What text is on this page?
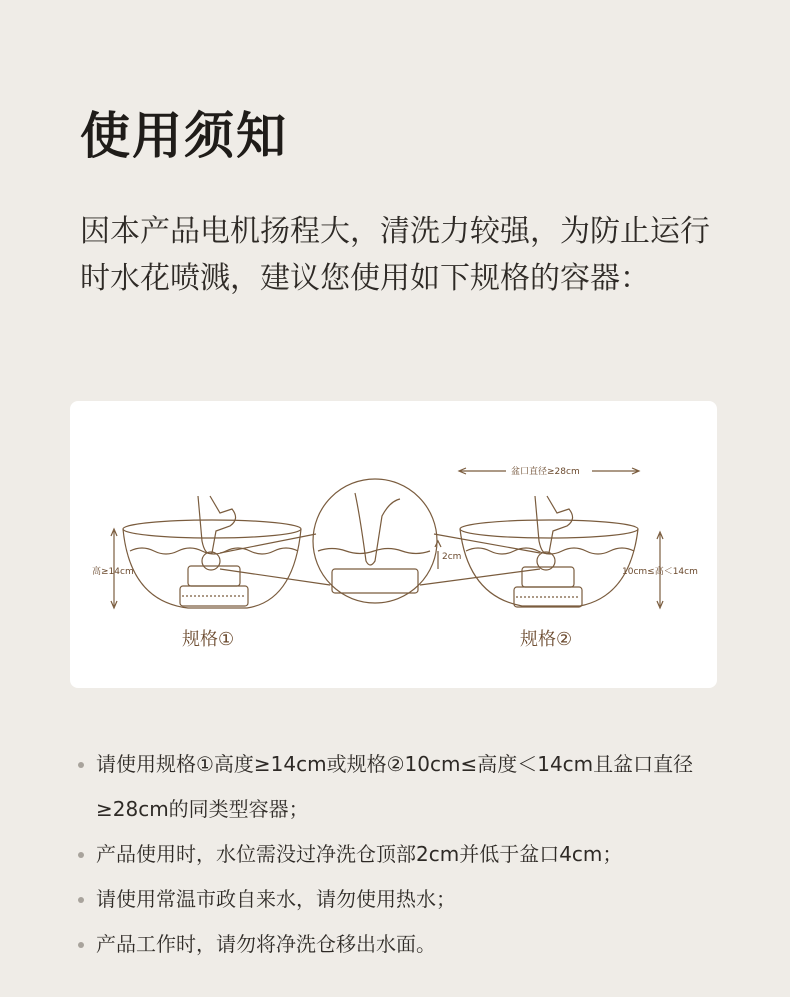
使用须知
因本产品电机扬程大，清洗力较强，为防止运行时水花喷溅，建议您使用如下规格的容器：
高≥14cm	10cm≤高＜14cm
盆口直径≥28cm
2cm
规格①	规格②
请使用规格①高度≥14cm或规格②10cm≤高度＜14cm且盆口直径≥28cm的同类型容器；
产品使用时，水位需没过净洗仓顶部2cm并低于盆口4cm；
请使用常温市政自来水，请勿使用热水；
产品工作时，请勿将净洗仓移出水面。
